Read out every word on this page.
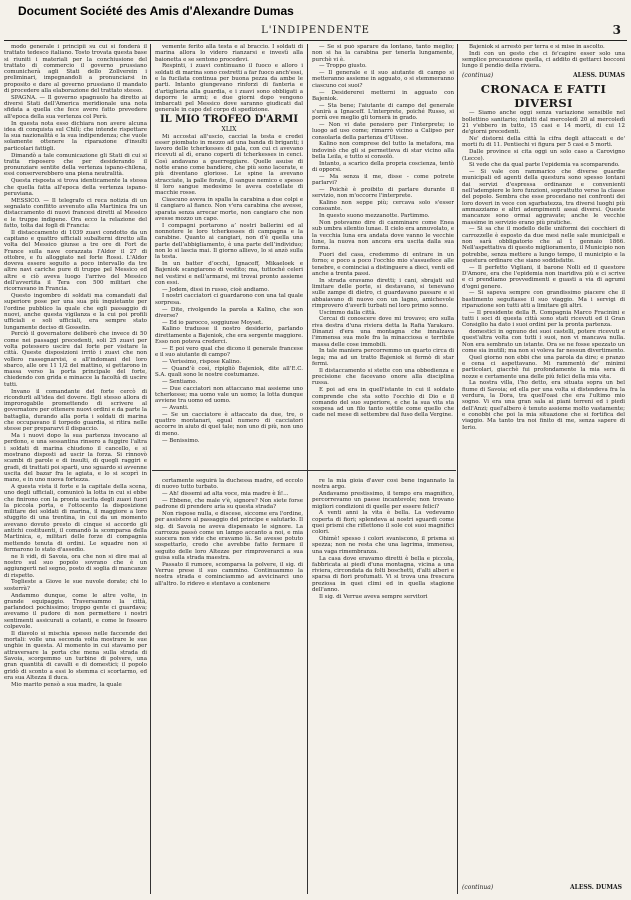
Document Société des Amis d'Alexandre Dumas
L'INDIPENDENTE	3

modo generale i principii su cui si fonderà il trattato tedesco italiano. Tosto trovata questa base si riuniti i materiali per la conchiusione del trattato di commercio il governo prussiano comunicherà agli Stati dello Zollverein i preliminari, impegnandoli a pronunciarsi in proposito e dare al governo prussiano il mandato di procedere alla elaborazione del trattato stesso.

SPAGNA. — Il governo spagnuolo ha diretto ai diversi Stati dell'America meridionale una nota sfidata a quella che fece avere fatto prevedere all'epoca della sua vertenza col Perù.

In questa nota esso dichiara non avere alcuna idea di conquista sul Chilì; che intende rispettare la sua nazionalità e la sua indipendenza; che vuole solamente ottenere la riparazione d'insulti particolari fattigli.

Dimandò a tale comunicazione gli Stati di cui si tratta risposero che per desiderando il pronunziare sentite della vertenza ispano-chilena, essi conserverebbero una piena neutralità.

Questa risposta si trova identicamente la stessa che quella fatta all'epoca della vertenza ispano-peruviana.

MESSICO. — Il telegrafo ci reca notizia di un segnalato conflitto avvenuto alla Martinica fra un distaccamento di nuovi francesi diretti al Messico e le truppe indigene. Ora ecco la relazione del fatto, tolta dai fogli di Francia:

Il distaccamento di 1039 zuavi condotto da un capitano e quattro ufficiali subalterni diretto alla volta del Messico giunse a tre ore di Fort de France sulla nave corazzata l'Aldor il 27 di ottobre, e fu alloggiato nel forte Rossi. L'Aldor doveva essere seguito a poco intervallo da tre altre navi cariche pure di truppe pel Messico ed altre e ciò aveva luogo l'arrivo del Messico dell'avvertita il Tera con 500 militari che ricorravano in Francia.

Questo ingombro di soldati ma comandati dal superiore pose per una sua più inquietante per l'ordine pubblico la quale che egli passaggio di nuovi, anche questa vigilanza e la cui poi profili ufficiali e soli ufficiali, era sempre stato lungamente deciso di Gosselin.

Perciò il governatore deliberò che invece di 50 come nei passaggi precedenti, soli 25 zuavi per volta potessero uscire dal forte per visitare la città. Queste disposizioni irritò i zuavi che non vollero rassegnarvisi, e all'indomani del loro sbarco, alle ore 11 1/2 del mattino, si gettarono in massa verso la porta principale del forte, chiedendo con grida e minacce la facoltà di uscire tutti.

Invano il comandante del forte cercò di ricondurli all'idea del dovere. Egli stesso allora di improrogabile promettendo di scrivere al governatore per ottenere nuovi ordini e da parte la battaglia, durando alla porta i soldati di marina che occupavano il torpedo guardia, si ritira nelle stesse per prepararvi il dispaccio.

Ma i nuovi dopo la sua partenza invocano al perdono, e una sessantina rinsero a fuggire l'altra i soldati di marina chiudono il cancello, e si mostrano disposti ad uscir la forza. Si rinnovò scambi di parole e di insulti, di quegli raggiri e gradi, di trattati poi sparti, uno sguardo si avvenne uscita del bazar fra le agiata, e lo si scoprì in mano, e in uno nuova fortezza.

A questa vista il forte e la capitale della scena, uno degli ufficiali, comunicò la lotta in cui si ebbe che finirono con la pronta uscita degli zuavi fuori la piccola porta, e l'ottocento la disposizione militare dei soldati di marina, il maggiore a loro sfuggito di una trentina, in cui da un momento avevano dovuto presto di cinque si accordo gli antichi costituenti, il comandò la scomparsa della Martinica, e, militari delle forze di compagnia mettendo tenuta di ordini. Le squadre non si fermarono lo stato d'assedio.

ne li vidi, di Savoia, ora che non si dire mai al nostro sul suo popolo sovrano che è un aggiungerti nel segno, posto di soglia di mancanze di rispetto.

Toglieste a Giove le sue nuvole dorate; chi lo sosterrà?

Andammo dunque, come le altre volte, in grande equipaggio. Traversammo la città, parlandoci pochissimo; troppo gente ci guardava; avevamo il pudore di non permettere i nostri sentimenti assicurati a cotanti, e come le fossero colpevole.

Il diavolo si mischia spesso nelle faccende dei mortali: volle una seconda volta mostrare le sue unghie in questa. Al momento in cui stavamo per attraversare la porta che mena sulla strada di Savoia, scorgemmo un turbine di polvere, una gran quantità di cavalli e di domestici; il popolo gridò di sconto a essi lo stemma ci scortarmo, ed era sua Altezza il duca.

Mio marito pensò a sua madre, la quale

vemente ferito alla testa e al braccio. I soldati di marina allora lo videro rianzarsi e investì alla baionetta e se sentono procedevi.

Respinti, i zuavi continuano il fuoco e alloro i soldati di marina sono costretti a far fuoco anch'essi, e la fucilata continua per buona pezza da ambe le parti. Intanto giungevano rinforzi di fanteria e d'artiglieria alla guardia, e i zuavi sono obbligati a deporre le armi; e due giorni dopo vengono imbarcati pel Messico dove saranno giudicati dal generale in capo del corpo di spedizione.

IL MIO TROFEO D'ARMI

XLIX

Mi accostai all'uscio, cacciai la testa e credei esser piombato in mezzo ad una banda di briganti; i lavoro delle tcherkesses di gala, con cui ci avevano ricevuti al dì, erano coperti di tcherkesses in cenci. Così andavano a guerreggiare. Quelle asuise di notte erano come bandiere, che più sono lacerate, e più diventano gloriose. Le spine la avevano stracciate, la palle forate, il sangue nemico e spesso il loro sangue medesimo le aveva costellate di macchie rosse.

Ciascuno aveva in spalla la carabina a due colpi e il cangiaro al fianco. Non v'era carabina che avesse, sparata senza arrecar morte, non cangiaro che non avesse mozzo un capo.

I compagni portarono a’ nostri ballerini ed al nonnotere le loro tcherkesses di campagna e la carabine. Quanto ai cangiari, non d’è quella una parte dell’abbigliamento, è una parte dell’individuo; non lo si lascia mai. Il giorno allievo, lo si anzò sulla la testa.

In un batter d’occhi, Ignaceff, Mikaeloek e Bajeniok scangiarono di vestito; ma, tuttoché celeri nel vestirsi e nell’armarsi, mi trovai pronto assieme con essi.

— Jodem, dissi in russo, cioè andiamo.

I nostri cacciatori ci guardarono con una tal quale sorpresa.

— Dite, rivolgendo la parola a Kalino, che son diverse?

— Ed io parocco, soggiunse Moyset.

Kalino tradusse il nostro desiderio, parlando direttamente a Bajeniok, che era sergente maggiore. Esso non poteva crederci.

— E poi vero qual che dicono il generale francese e il suo aiutante di campo?

— Verissimo, rispose Kalino.

— Quand’è così, ripigliò Bajeniok, dite all’E.C. S.A. quali sono le nostre costumanze.

— Sentiamo.

— Due cacciatori non attaccano mai assieme uno tcherkesse; ma uomo vale un uomo; la lotta dunque avviene tra uomo ed uomo.

— Avanti.

— Se un cacciatore è attaccato da due, tre, o quattro montanari, egual numero di cacciatori accorre in aiuto di quel tale; non uno di più, non uno di meno.

— Benissimo.

— Se si può sparare da lontano, tanto meglio; non si ha la carabina per tenerla lungamente, purchè vi è.

— Troppo giusto.

— Il generale e il suo aiutante di campo si metteranno assieme in agguato, o si stemmeranno ciascuno coi suoi?

— Desidererei metterni in agguato con Bajeniok.

— Sta bene; l'aiutante di campo del generale s'unirà a Ignaceff. L'interprete, poiché Russo, si porrà ove meglio gli tornerà in grado.

— Non vi date pensiero per l'interprete; io luogo ad uso come; rimarrò vicino a Calipso per consolarla della partenza d'Ulisse.

Kalino non comprese del tutto la metafora, ma indovinò che gli si permetteva di star vicino alla bella Leila, e tutto si consolò.

Intanto, a scarico della propria coscienza, tentò di opporsi.

— Ma senza il me, disse - come potrete parlarvi?

— Poichè è proibito di parlare durante il servizio, non m'occorre l'interprete.

Kalino non seppe più; cercava solo s'esser consoante.

In questo suono mezzanotte. Partimmo.

Non potevamo dire di camminare come Enea sub umbra silentio lunae. Il cielo era annuvolato, e la vecchia luna era andata dove vanno le vecchie lune, la nuova non ancora era uscita dalla sua forma.

Fuori del casa, credemmo di entrare in un forno; e poco a poco l'occhio mio s'assuefece alle tenebre, e cominciai a distinguere a dieci, venti ed anche a trenta passi.

In strada eravamo diretti; i cani, sbrajati sul limitare delle porte, si destavano, si tenevano sulle zampe di dietro, ci guardavano passare e si abbaiavano di nuovo con un lagno, amichevole rimprovero d'averli turbati nel loro primo sonno.

Uscimmo dalla città.

Cercai di conoscere dove mi trovavo; ero sulla riva destra d'una riviera detta la Rafia Yarakaro. Dinanzi d'era una montagna che innalzava l'immensa sua mole fra la minacciosa e terribile massa delle cose immobili.

In tale maniera percorremmo un quarto circa di lega; ma ad un tratto Bajeniok si fermò di star fermi.

Il distaccamento si stette con una obbedienza e precisione che facevano onore alla disciplina russa.

E poi ad era in quell'istante in cui il soldato comprende che sta sotto l'occhio di Dio e il comando del suo superiore, e che la sua vita sta sospesa ad un filo tanto sottile come quello che cade nel mese di settembre dal fuso della Vergine.

Bajeniok si arrestò per terra e si mise in ascolto.

Indi con un gesto che ci fe'capire esser solo una semplice precauzione quella, ci addito di gettarci bocconi lungo il pendio della riviera.

(continua)	ALESS. DUMAS

CRONACA E FATTI DIVERSI

— Siamo anche oggi senza variazione sensibile nel bollettino sanitario; infatti dal mercoledì 20 al mercoledì 21 v'ebbero in tutto, 15 casi e 14 morti, di cui 12 de'giorni precedenti.

Ne' distorni della città la cifra degli attaccati e de' morti fu di 11. Pentiechi vi figura per 5 casi e 5 morti.

Dalle province si cita oggi un solo caso a Carovigno (Lecce).

Si vede che da qual parte l'epidemia va scomparendo.

— Si vale con rammarico che diverse guardie municipali ed agenti della questura sono spesso lontani dai servizi d'espressa ordinanze e convenienti nell'adempiere le loro funzioni, soprattutto verso la classe del popolo. Sembra che esse procedano nei confronti dei loro doveri in vece con sgarbatezza, tra diversi luoghi più ammazziamo e altri adempimenti assai diversi. Queste mancanze sono ormai aggravate; anche le vecchie massime in servizio erano più pratiche.

— Si sa che il modello delle uniformi dei cocchieri di carrozzelle è esposto da due mesi nelle sale municipali e non sarà obbligatorio che al 1 gennaio 1866. Nell'aspettativa di questo miglioramento, il Municipio non potrebbe, senza mettere a lungo tempo, il municipio e la questura ordinare che siano soddisfatte.

— Il perfetto Vigliani, il barone Nolli ed il questore D'Amore, era che l'epidemia non inaridiva più e ci scrive e ci prendiamo provvedimenti e guasti a via di agrumi d'ogni genere.

— Si sapeva sempre con grandissimo piacere che il bastimento seguitasse il suo viaggio. Ma i servigi di riparazione son tutti atti a limitare gli altri.

— Il presidente della R. Compagnia Marco Fracinini e tutti i soci di questa città sono stati ricevuti ed il Gran Consiglio ha dato i suoi ordini per la pronta partenza.

domestici in ognuno dei suoi castelli, potere ricevuti e quest'altra volta con tutti i suoi, non vi mancava nulla. Non era sembrato un istante. Ora se ne fosse spezzato un come sia inutili; ma non si voleva far nessun divertimento.

Quel giorno non ebbi che una parola da dire; e pranzo e cena ci aspettavano. Mi rammentò de' minimi particolari, giacchè fui profondamente la mia sera di nozze e certamente una delle più felici della mia vita.

La nostra villa, l'ho detto, era situata sopra un bel fiume di Savoia; ed ella per una volta si distendeva fra la verdura, la Dora, tra quell'oasi che era l'ultimo mio sogno. Vi era una gran sala ai piani terreni ed i piedi dell'Anzi; quel'albero è tenuto assieme molto vastamente; e conobbi che poi la mia situazione che si fortifica del viaggio. Ma tanto tra noi finito di me, senza sapere di Ierio.

certamente seguirà la duchessa madre, ed eccolo di nuovo tutto turbato.

— Ah! dissemi ad alta voce, mia madre è lì!…

— Ebbene, che male v'è, signore? Non siete forse padrone di prendere aria su questa strada?

Non rispose nulla, e discese, siccome era l'ordine, per assistere al passaggio del principe e salutarlo. Il sig. di Savoia ne aveva dispensato le signore. La carrozza passò come un lampo accanto a noi, e mia suocera non vide che eravamo là. Se avesse potuto sospettarlo, credo che avrebbe fatto fermare il seguito delle loro Altezze per rimproverarci a sua guisa sulla strada maestra.

Passato il rumore, scomparsa la polvere, il sig. di Verrue prese il suo cammino. Continuammo la nostra strada e cominciammo ad avvicinarci uno all'altro. Io ridevo e stentavo a contenere

re la mia gioia d'aver così bene ingannato la nostra argo.

Andavamo prestissimo, il tempo era magnifico, percorrevamo un paese incantevole; non trovano migliori condizioni di quelle per essere felici?

A venti anni la vita è bella. La vedevamo coperta di fiori; splendeva ai nostri sguardi come quei prismi che riflettono il sole coi suoi magnifici colori.

Ohimè! spesso i colori svaniscono, il prisma si spezza; non ne resta che una lagrima, immensa, una vaga rimembranza.

La casa dove eravamo diretti è bella e piccola, fabbricata ai piedi d'una montagna, vicina a una riviera, circondata da folti boschetti, d'alti alberi e sparsa di fiori profumati. Vi si trova una frescura preziosa in quei climi ed in quella stagione dell'anno.

Il sig. di Verrue aveva sempre servitori

(continua)	ALESS. DUMAS
